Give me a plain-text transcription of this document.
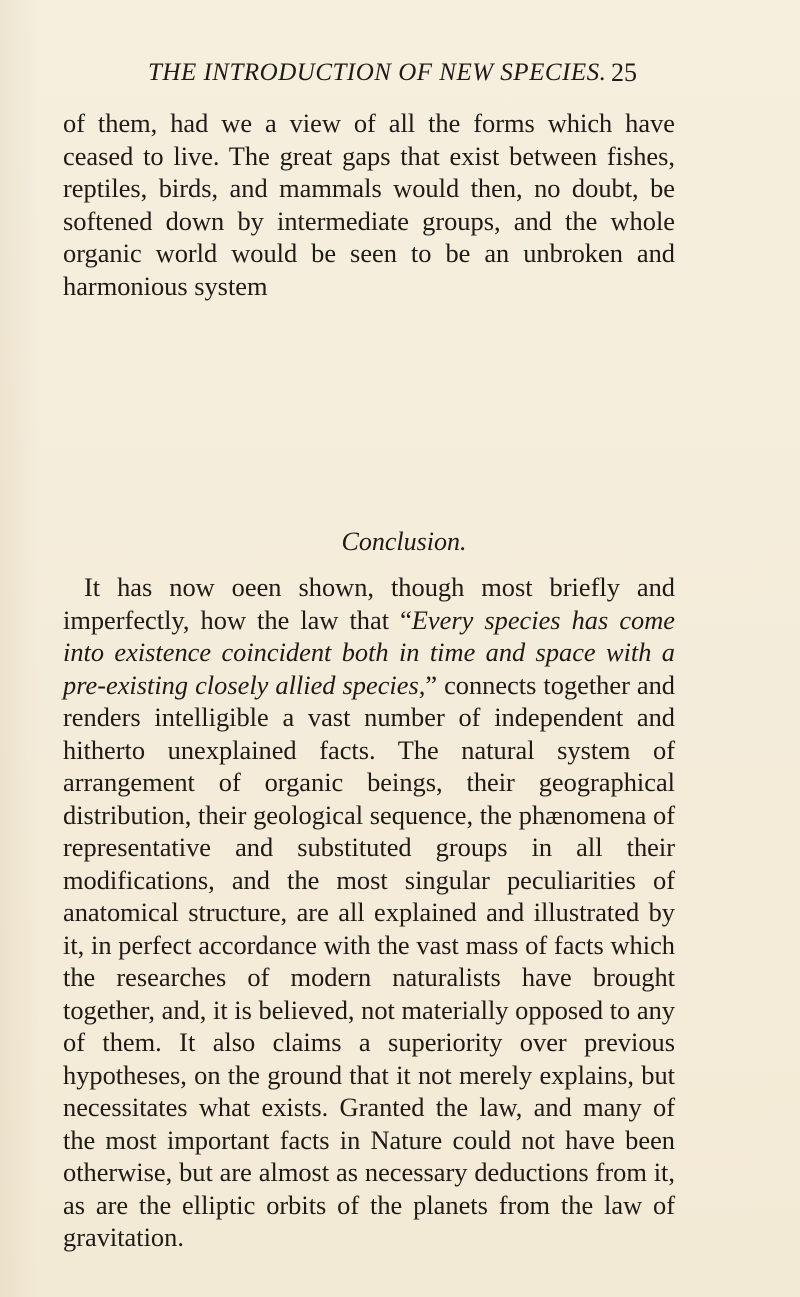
THE INTRODUCTION OF NEW SPECIES. 25

of them, had we a view of all the forms which have ceased to live. The great gaps that exist between fishes, reptiles, birds, and mammals would then, no doubt, be softened down by intermediate groups, and the whole organic world would be seen to be an unbroken and harmonious system

Conclusion.

It has now oeen shown, though most briefly and imperfectly, how the law that “Every species has come into existence coincident both in time and space with a pre-existing closely allied species,” connects together and renders intelligible a vast number of independent and hitherto unexplained facts. The natural system of arrangement of organic beings, their geographical distribution, their geological sequence, the phænomena of representative and substituted groups in all their modifications, and the most singular peculiarities of anatomical structure, are all explained and illustrated by it, in perfect accordance with the vast mass of facts which the researches of modern naturalists have brought together, and, it is believed, not materially opposed to any of them. It also claims a superiority over previous hypotheses, on the ground that it not merely explains, but necessitates what exists. Granted the law, and many of the most important facts in Nature could not have been otherwise, but are almost as necessary deductions from it, as are the elliptic orbits of the planets from the law of gravitation.
